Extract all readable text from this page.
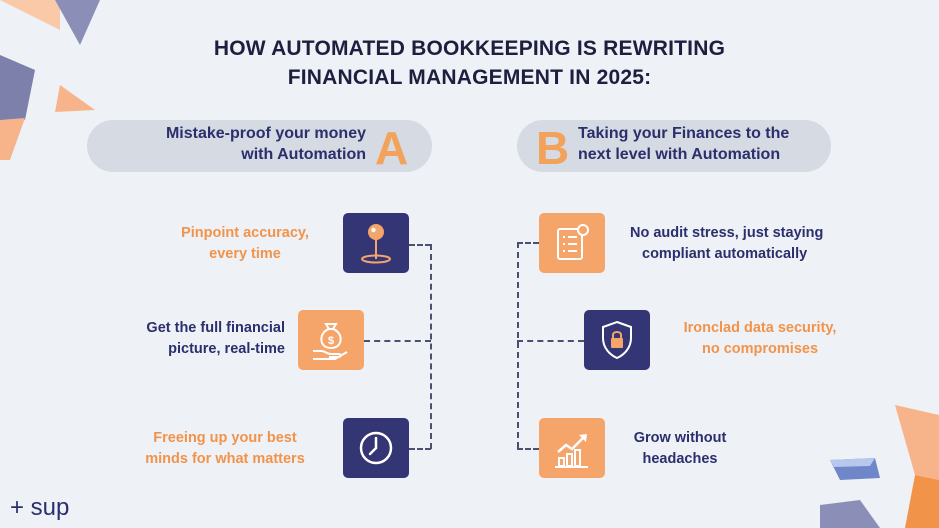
HOW AUTOMATED BOOKKEEPING IS REWRITING
FINANCIAL MANAGEMENT IN 2025:
Mistake-proof your money
with Automation A	B Taking your Finances to the
next level with Automation
Pinpoint accuracy,
every time
Get the full financial
picture, real-time	$
Freeing up your best
minds for what matters
No audit stress, just staying
compliant automatically
Ironclad data security,
no compromises
Grow without
headaches
+ sup
